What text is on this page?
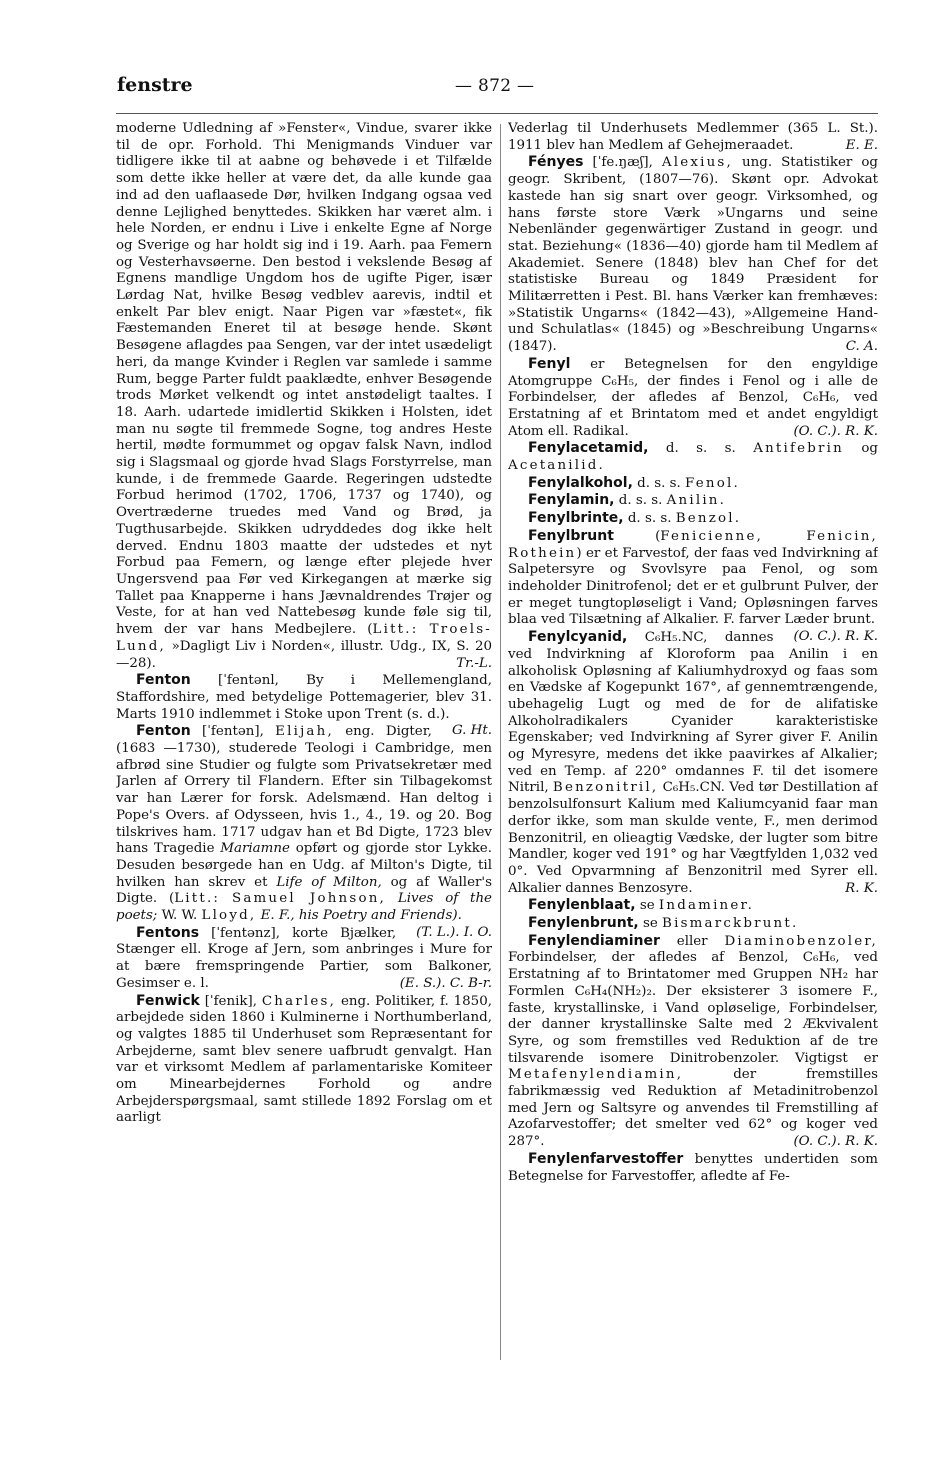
fenstre	— 872 —

moderne Udledning af »Fenster«, Vindue, svarer ikke til de opr. Forhold. Thi Menigmands Vinduer var tidligere ikke til at aabne og behøvede i et Tilfælde som dette ikke heller at være det, da alle kunde gaa ind ad den uaflaasede Dør, hvilken Indgang ogsaa ved denne Lejlighed benyttedes. Skikken har været alm. i hele Norden, er endnu i Live i enkelte Egne af Norge og Sverige og har holdt sig ind i 19. Aarh. paa Femern og Vesterhavsøerne. Den bestod i vekslende Besøg af Egnens mandlige Ungdom hos de ugifte Piger, især Lørdag Nat, hvilke Besøg vedblev aarevis, indtil et enkelt Par blev enigt. Naar Pigen var »fæstet«, fik Fæstemanden Eneret til at besøge hende. Skønt Besøgene aflagdes paa Sengen, var der intet usædeligt heri, da mange Kvinder i Reglen var samlede i samme Rum, begge Parter fuldt paaklædte, enhver Besøgende trods Mørket velkendt og intet anstødeligt taaltes. I 18. Aarh. udartede imidlertid Skikken i Holsten, idet man nu søgte til fremmede Sogne, tog andres Heste hertil, mødte formummet og opgav falsk Navn, indlod sig i Slagsmaal og gjorde hvad Slags Forstyrrelse, man kunde, i de fremmede Gaarde. Regeringen udstedte Forbud herimod (1702, 1706, 1737 og 1740), og Overtræderne truedes med Vand og Brød, ja Tugthusarbejde. Skikken udryddedes dog ikke helt derved. Endnu 1803 maatte der udstedes et nyt Forbud paa Femern, og længe efter plejede hver Ungersvend paa Før ved Kirkegangen at mærke sig Tallet paa Knapperne i hans Jævnaldrendes Trøjer og Veste, for at han ved Nattebesøg kunde føle sig til, hvem der var hans Medbejlere. (Litt.: Troels-Lund, »Dagligt Liv i Norden«, illustr. Udg., IX, S. 20—28).	Tr.-L.

Fenton [ˈfentənl, By i Mellemengland, Staffordshire, med betydelige Pottemagerier, blev 31. Marts 1910 indlemmet i Stoke upon Trent (s. d.).
G. Ht.

Fenton [ˈfentən], Elijah, eng. Digter, (1683 —1730), studerede Teologi i Cambridge, men afbrød sine Studier og fulgte som Privatsekretær med Jarlen af Orrery til Flandern. Efter sin Tilbagekomst var han Lærer for forsk. Adelsmænd. Han deltog i Pope's Overs. af Odysseen, hvis 1., 4., 19. og 20. Bog tilskrives ham. 1717 udgav han et Bd Digte, 1723 blev hans Tragedie Mariamne opført og gjorde stor Lykke. Desuden besørgede han en Udg. af Milton's Digte, til hvilken han skrev et Life of Milton, og af Waller's Digte. (Litt.: Samuel Johnson, Lives of the poets; W. W. Lloyd, E. F., his Poetry and Friends).
(T. L.). I. O.

Fentons [ˈfentənz], korte Bjælker, Stænger ell. Kroge af Jern, som anbringes i Mure for at bære fremspringende Partier, som Balkoner, Gesimser e. l.	(E. S.). C. B-r.

Fenwick [ˈfenik], Charles, eng. Politiker, f. 1850, arbejdede siden 1860 i Kulminerne i Northumberland, og valgtes 1885 til Underhuset som Repræsentant for Arbejderne, samt blev senere uafbrudt genvalgt. Han var et virksomt Medlem af parlamentariske Komiteer om Minearbejdernes Forhold og andre Arbejderspørgsmaal, samt stillede 1892 Forslag om et aarligt

Vederlag til Underhusets Medlemmer (365 L. St.). 1911 blev han Medlem af Gehejmeraadet.	E. E.

Fényes [ˈfe.ŋæʃ], Alexius, ung. Statistiker og geogr. Skribent, (1807—76). Skønt opr. Advokat kastede han sig snart over geogr. Virksomhed, og hans første store Værk »Ungarns und seine Nebenländer gegenwärtiger Zustand in geogr. und stat. Beziehung« (1836—40) gjorde ham til Medlem af Akademiet. Senere (1848) blev han Chef for det statistiske Bureau og 1849 Præsident for Militærretten i Pest. Bl. hans Værker kan fremhæves: »Statistik Ungarns« (1842—43), »Allgemeine Hand- und Schulatlas« (1845) og »Beschreibung Ungarns« (1847).	C. A.

Fenyl er Betegnelsen for den engyldige Atomgruppe C₆H₅, der findes i Fenol og i alle de Forbindelser, der afledes af Benzol, C₆H₆, ved Erstatning af et Brintatom med et andet engyldigt Atom ell. Radikal.	(O. C.). R. K.

Fenylacetamid, d. s. s. Antifebrin og Acetanilid.

Fenylalkohol, d. s. s. Fenol.

Fenylamin, d. s. s. Anilin.

Fenylbrinte, d. s. s. Benzol.

Fenylbrunt	(Fenicienne, Fenicin, Rothein) er et Farvestof, der faas ved Indvirkning af Salpetersyre og Svovlsyre paa Fenol, og som indeholder Dinitrofenol; det er et gulbrunt Pulver, der er meget tungtopløseligt i Vand; Opløsningen farves blaa ved Tilsætning af Alkalier. F. farver Læder brunt.
(O. C.). R. K.

Fenylcyanid, C₆H₅.NC, dannes ved Indvirkning af Kloroform paa Anilin i en alkoholisk Opløsning af Kaliumhydroxyd og faas som en Vædske af Kogepunkt 167°, af gennemtrængende, ubehagelig Lugt og med de for de alifatiske Alkoholradikalers Cyanider karakteristiske Egenskaber; ved Indvirkning af Syrer giver F. Anilin og Myresyre, medens det ikke paavirkes af Alkalier; ved en Temp. af 220° omdannes F. til det isomere Nitril, Benzonitril, C₆H₅.CN. Ved tør Destillation af benzolsulfonsurt Kalium med Kaliumcyanid faar man derfor ikke, som man skulde vente, F., men derimod Benzonitril, en olieagtig Vædske, der lugter som bitre Mandler, koger ved 191° og har Vægtfylden 1,032 ved 0°. Ved Opvarmning af Benzonitril med Syrer ell. Alkalier dannes Benzosyre.	R. K.

Fenylenblaat, se Indaminer.

Fenylenbrunt, se Bismarckbrunt.

Fenylendiaminer eller Diaminobenzoler, Forbindelser, der afledes af Benzol, C₆H₆, ved Erstatning af to Brintatomer med Gruppen NH₂ har Formlen C₆H₄(NH₂)₂. Der eksisterer 3 isomere F., faste, krystallinske, i Vand opløselige, Forbindelser, der danner krystallinske Salte med 2 Ækvivalent Syre, og som fremstilles ved Reduktion af de tre tilsvarende isomere Dinitrobenzoler. Vigtigst er Metafenylendiamin,	der fremstilles fabrikmæssig ved Reduktion af Metadinitrobenzol med Jern og Saltsyre og anvendes til Fremstilling af Azofarvestoffer; det smelter ved 62° og koger ved 287°.	(O. C.). R. K.

Fenylenfarvestoffer benyttes undertiden som Betegnelse for Farvestoffer, afledte af Fe-
